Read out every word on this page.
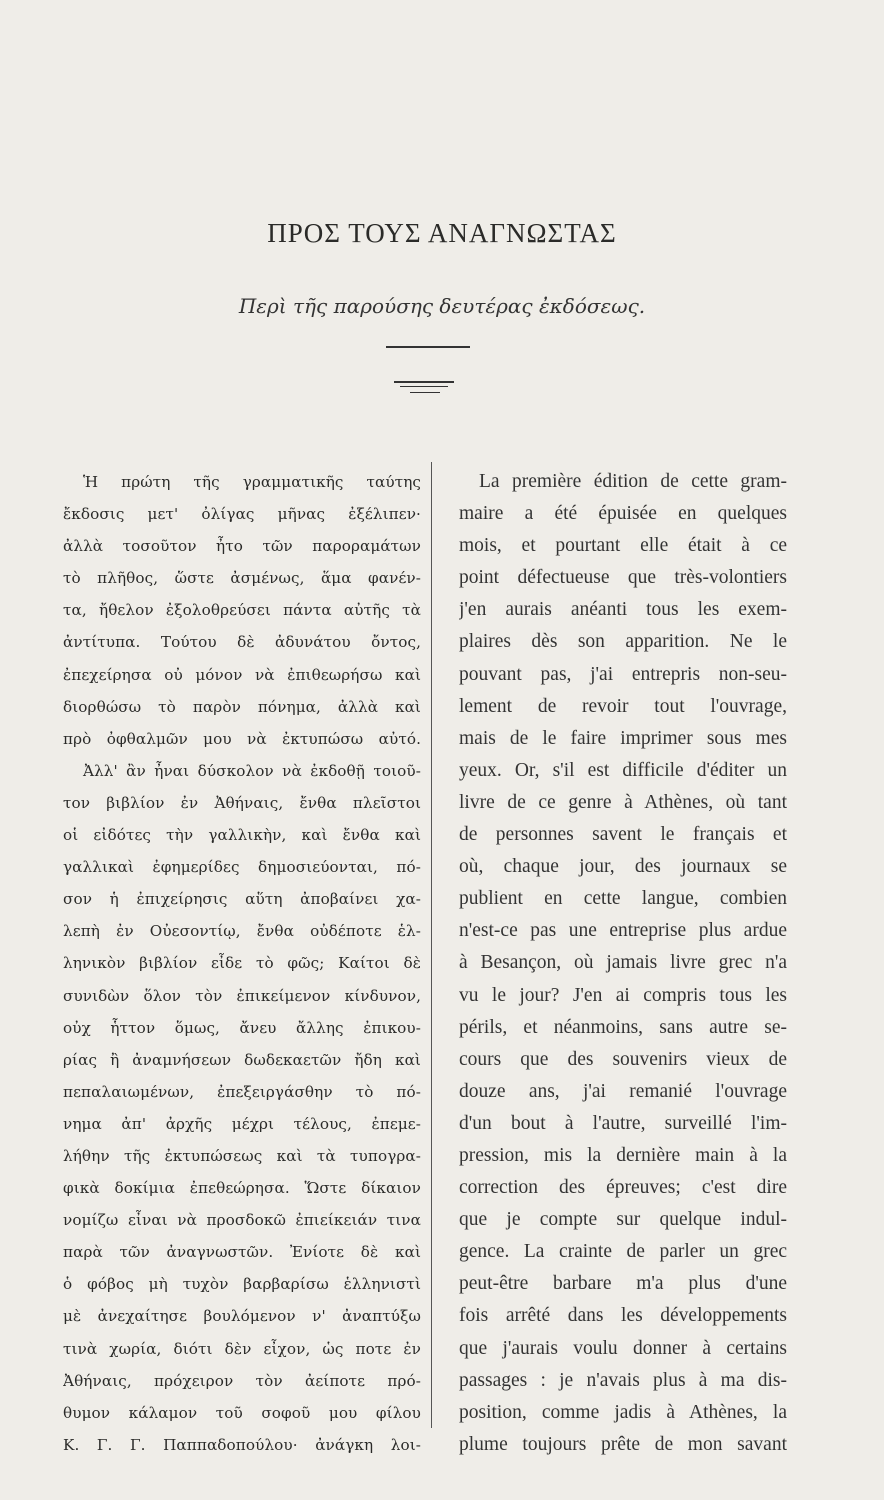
ΠΡΟΣ ΤΟΥΣ ΑΝΑΓΝΩΣΤΑΣ
Περὶ τῆς παρούσης δευτέρας ἐκδόσεως.
Ἡ πρώτη τῆς γραμματικῆς ταύτης
ἔκδοσις μετ' ὀλίγας μῆνας ἐξέλιπεν·
ἀλλὰ τοσοῦτον ἦτο τῶν παροραμάτων
τὸ πλῆθος, ὥστε ἀσμένως, ἅμα φανέν-
τα, ἤθελον ἐξολοθρεύσει πάντα αὐτῆς τὰ
ἀντίτυπα. Τούτου δὲ ἀδυνάτου ὄντος,
ἐπεχείρησα οὐ μόνον νὰ ἐπιθεωρήσω καὶ
διορθώσω τὸ παρὸν πόνημα, ἀλλὰ καὶ
πρὸ ὀφθαλμῶν μου νὰ ἐκτυπώσω αὐτό.
Ἀλλ' ἂν ἦναι δύσκολον νὰ ἐκδοθῇ τοιοῦ-
τον βιβλίον ἐν Ἀθήναις, ἔνθα πλεῖστοι
οἱ εἰδότες τὴν γαλλικὴν, καὶ ἔνθα καὶ
γαλλικαὶ ἐφημερίδες δημοσιεύονται, πό-
σον ἡ ἐπιχείρησις αὕτη ἀποβαίνει χα-
λεπὴ ἐν Οὐεσοντίῳ, ἔνθα οὐδέποτε ἑλ-
ληνικὸν βιβλίον εἶδε τὸ φῶς; Καίτοι δὲ
συνιδὼν ὅλον τὸν ἐπικείμενον κίνδυνον,
οὐχ ἧττον ὅμως, ἄνευ ἄλλης ἐπικου-
ρίας ἢ ἀναμνήσεων δωδεκαετῶν ἤδη καὶ
πεπαλαιωμένων, ἐπεξειργάσθην τὸ πό-
νημα ἀπ' ἀρχῆς μέχρι τέλους, ἐπεμε-
λήθην τῆς ἐκτυπώσεως καὶ τὰ τυπογρα-
φικὰ δοκίμια ἐπεθεώρησα. Ὥστε δίκαιον
νομίζω εἶναι νὰ προσδοκῶ ἐπιείκειάν τινα
παρὰ τῶν ἀναγνωστῶν. Ἐνίοτε δὲ καὶ
ὁ φόβος μὴ τυχὸν βαρβαρίσω ἑλληνιστὶ
μὲ ἀνεχαίτησε βουλόμενον ν' ἀναπτύξω
τινὰ χωρία, διότι δὲν εἶχον, ὡς ποτε ἐν
Ἀθήναις, πρόχειρον τὸν ἀείποτε πρό-
θυμον κάλαμον τοῦ σοφοῦ μου φίλου
Κ. Γ. Γ. Παππαδοπούλου· ἀνάγκη λοι-
La première édition de cette gram-
maire a été épuisée en quelques
mois, et pourtant elle était à ce
point défectueuse que très-volontiers
j'en aurais anéanti tous les exem-
plaires dès son apparition. Ne le
pouvant pas, j'ai entrepris non-seu-
lement de revoir tout l'ouvrage,
mais de le faire imprimer sous mes
yeux. Or, s'il est difficile d'éditer un
livre de ce genre à Athènes, où tant
de personnes savent le français et
où, chaque jour, des journaux se
publient en cette langue, combien
n'est-ce pas une entreprise plus ardue
à Besançon, où jamais livre grec n'a
vu le jour? J'en ai compris tous les
périls, et néanmoins, sans autre se-
cours que des souvenirs vieux de
douze ans, j'ai remanié l'ouvrage
d'un bout à l'autre, surveillé l'im-
pression, mis la dernière main à la
correction des épreuves; c'est dire
que je compte sur quelque indul-
gence. La crainte de parler un grec
peut-être barbare m'a plus d'une
fois arrêté dans les développements
que j'aurais voulu donner à certains
passages : je n'avais plus à ma dis-
position, comme jadis à Athènes, la
plume toujours prête de mon savant
